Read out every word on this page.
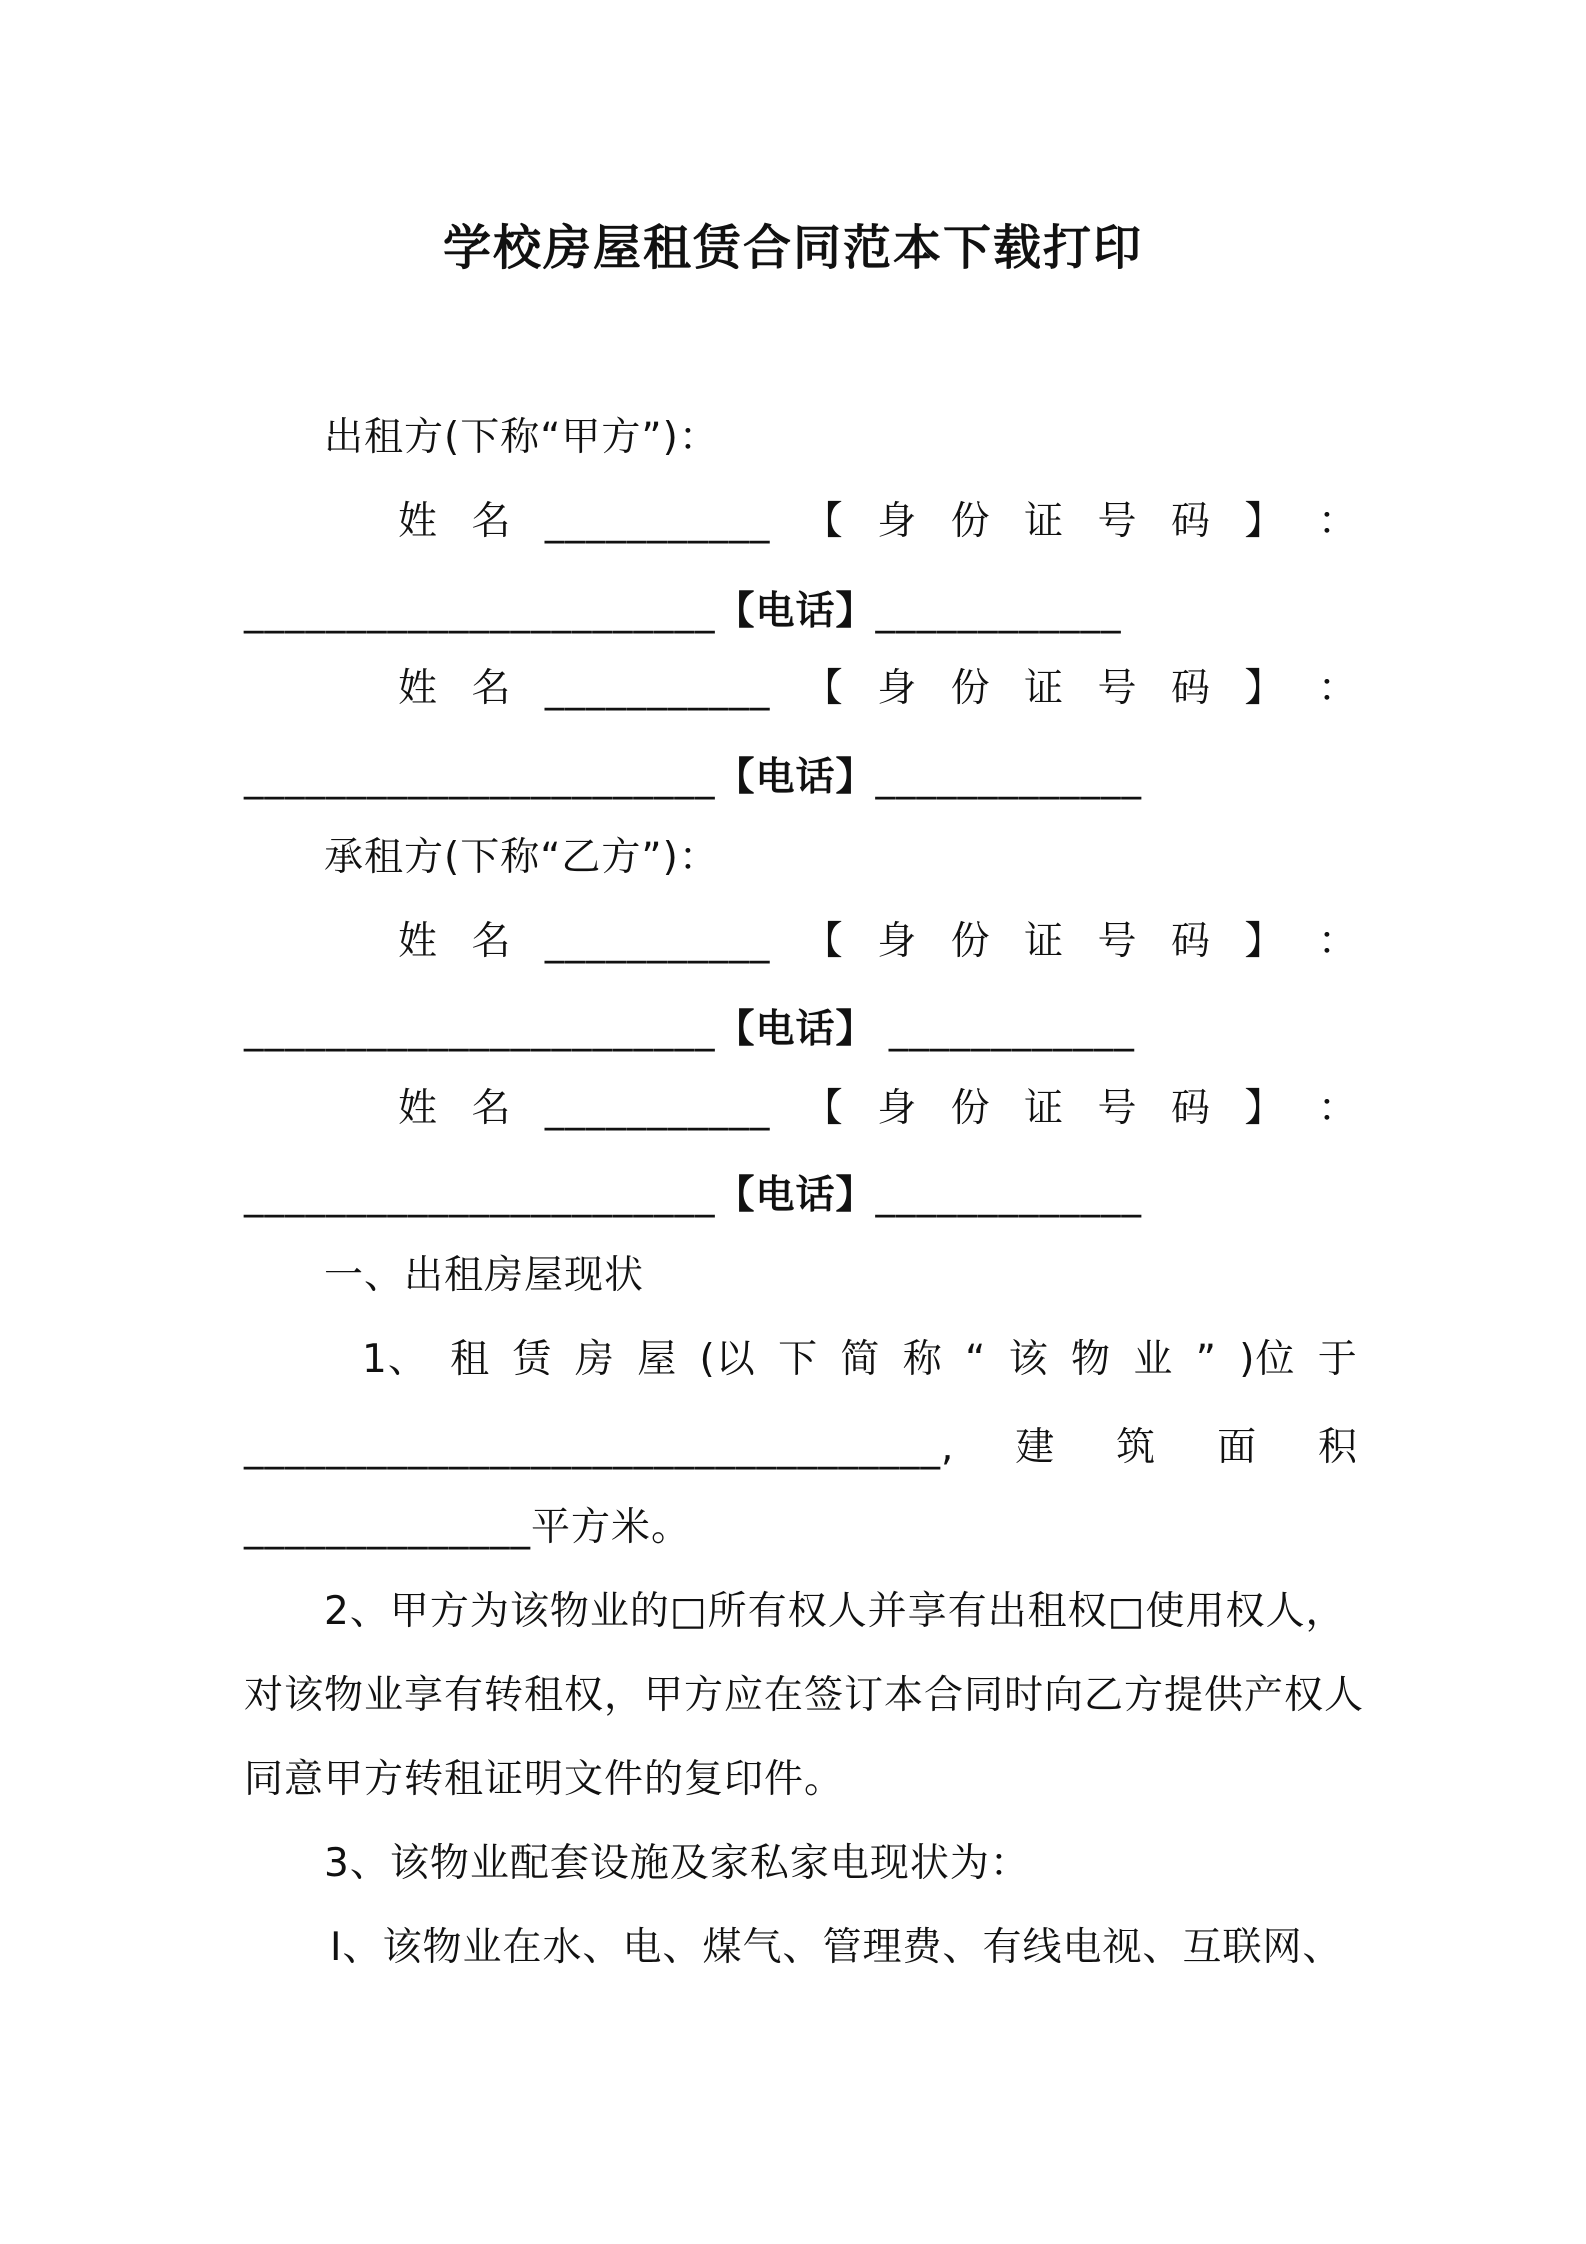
学校房屋租赁合同范本下载打印
出租方(下称“甲方”)：
姓 名 ___________ 【 身 份 证 号 码 】 ：
_______________________【电话】____________
姓 名 ___________ 【 身 份 证 号 码 】 ：
_______________________【电话】_____________
承租方(下称“乙方”)：
姓 名 ___________ 【 身 份 证 号 码 】 ：
_______________________【电话】 ____________
姓 名 ___________ 【 身 份 证 号 码 】 ：
_______________________【电话】_____________
一、出租房屋现状
1、 租 赁 房 屋 (以 下 简 称 “ 该 物 业 ” )位 于
__________________________________, 建 筑 面 积
______________平方米。
2、甲方为该物业的□所有权人并享有出租权□使用权人，
对该物业享有转租权，甲方应在签订本合同时向乙方提供产权人
同意甲方转租证明文件的复印件。
3、该物业配套设施及家私家电现状为：
Ⅰ、该物业在水、电、煤气、管理费、有线电视、互联网、
